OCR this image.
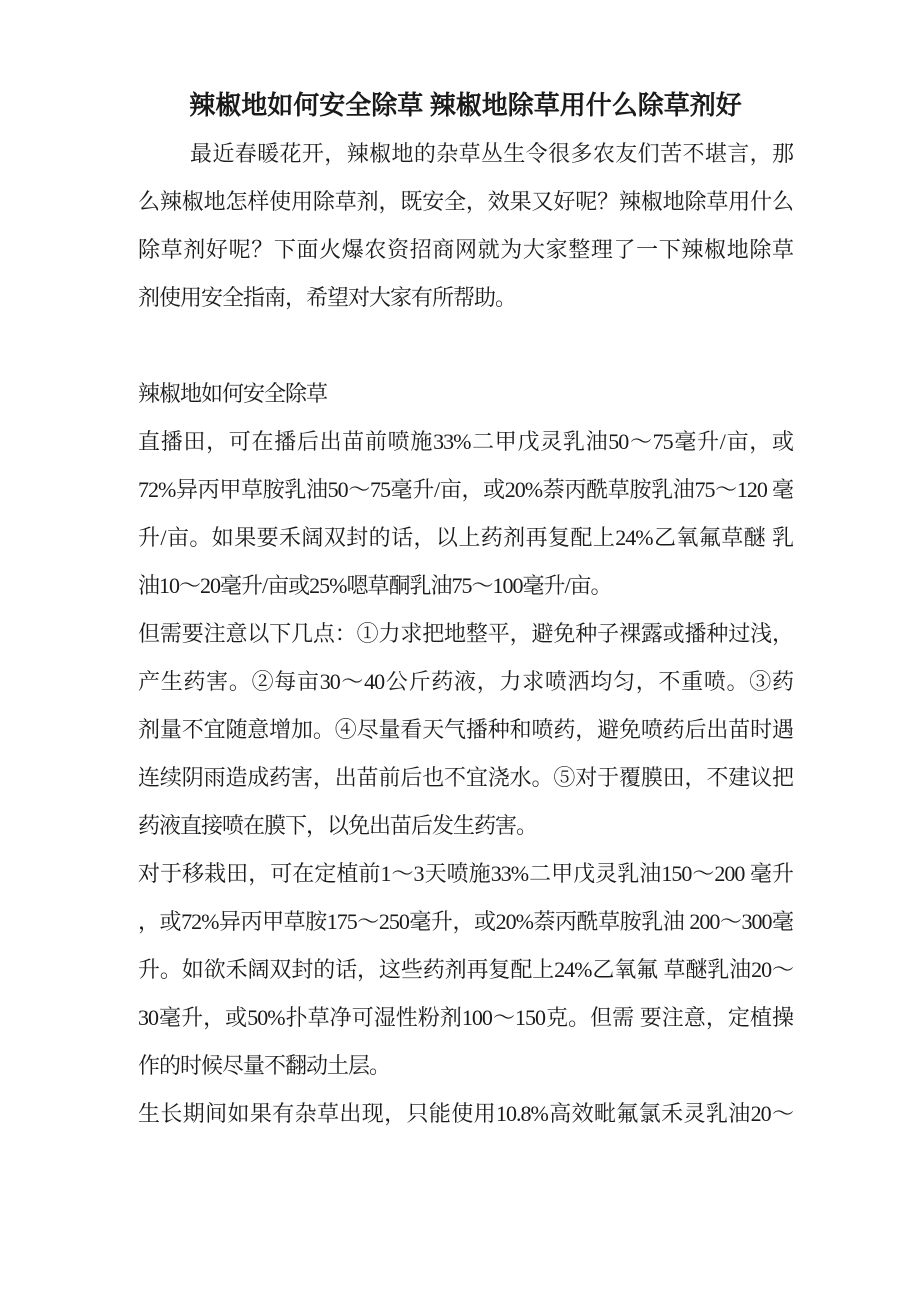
辣椒地如何安全除草 辣椒地除草用什么除草剂好
最近春暖花开，辣椒地的杂草丛生令很多农友们苦不堪言，那
么辣椒地怎样使用除草剂，既安全，效果又好呢？辣椒地除草用什么
除草剂好呢？下面火爆农资招商网就为大家整理了一下辣椒地除草
剂使用安全指南，希望对大家有所帮助。
辣椒地如何安全除草
直播田，可在播后出苗前喷施33%二甲戊灵乳油50〜75毫升/亩，或
72%异丙甲草胺乳油50〜75毫升/亩，或20%萘丙酰草胺乳油75〜120 毫
升/亩。如果要禾阔双封的话，以上药剂再复配上24%乙氧氟草醚 乳
油10〜20毫升/亩或25%嗯草酮乳油75〜100毫升/亩。
但需要注意以下几点：①力求把地整平，避免种子裸露或播种过浅，
产生药害。②每亩30〜40公斤药液，力求喷洒均匀，不重喷。③药
剂量不宜随意增加。④尽量看天气播种和喷药，避免喷药后出苗时遇
连续阴雨造成药害，出苗前后也不宜浇水。⑤对于覆膜田，不建议把
药液直接喷在膜下，以免出苗后发生药害。
对于移栽田，可在定植前1〜3天喷施33%二甲戊灵乳油150〜200 毫升
，或72%异丙甲草胺175〜250毫升，或20%萘丙酰草胺乳油 200〜300毫
升。如欲禾阔双封的话，这些药剂再复配上24%乙氧氟 草醚乳油20〜
30毫升，或50%扑草净可湿性粉剂100〜150克。但需 要注意，定植操
作的时候尽量不翻动土层。
生长期间如果有杂草出现，只能使用10.8%高效毗氟氯禾灵乳油20〜
